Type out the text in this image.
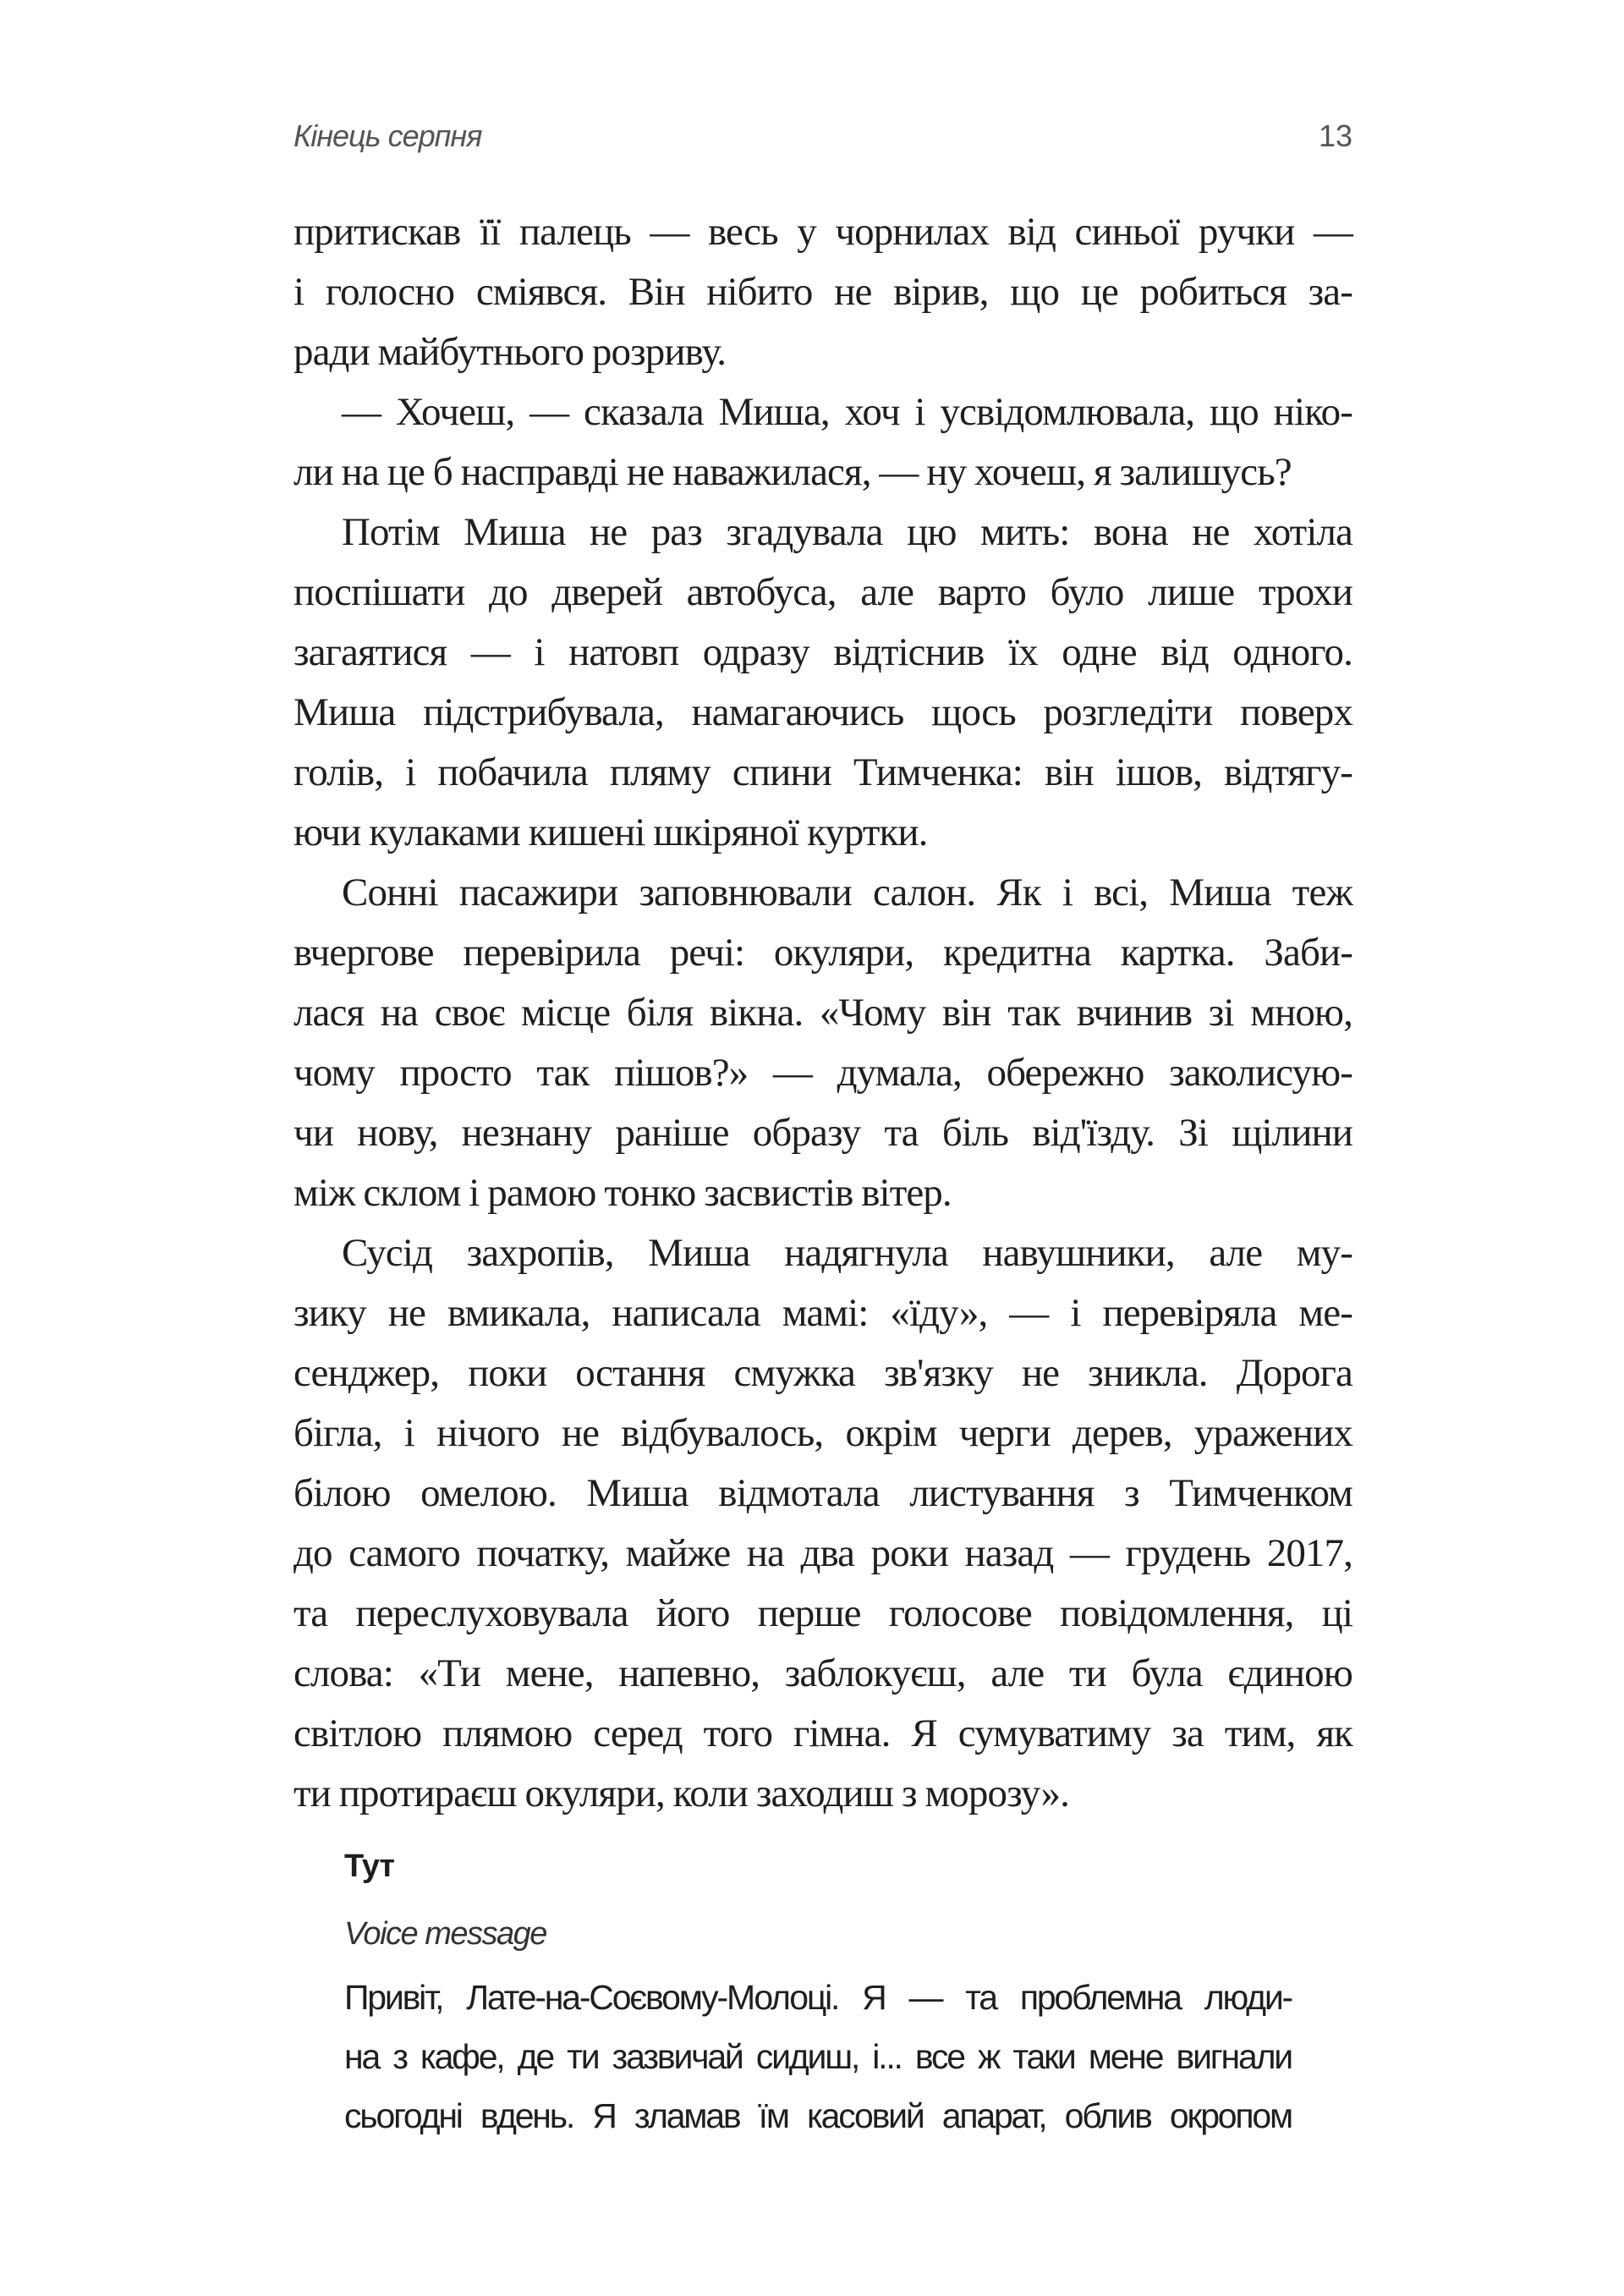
Кінець серпня	13
притискав її палець — весь у чорнилах від синьої ручки —
і голосно сміявся. Він нібито не вірив, що це робиться за-
ради майбутнього розриву.
— Хочеш, — сказала Миша, хоч і усвідомлювала, що ніко-
ли на це б насправді не наважилася, — ну хочеш, я залишусь?
Потім Миша не раз згадувала цю мить: вона не хотіла
поспішати до дверей автобуса, але варто було лише трохи
загаятися — і натовп одразу відтіснив їх одне від одного.
Миша підстрибувала, намагаючись щось розгледіти поверх
голів, і побачила пляму спини Тимченка: він ішов, відтягу-
ючи кулаками кишені шкіряної куртки.
Сонні пасажири заповнювали салон. Як і всі, Миша теж
вчергове перевірила речі: окуляри, кредитна картка. Заби-
лася на своє місце біля вікна. «Чому він так вчинив зі мною,
чому просто так пішов?» — думала, обережно заколисую-
чи нову, незнану раніше образу та біль від'їзду. Зі щілини
між склом і рамою тонко засвистів вітер.
Сусід захропів, Миша надягнула навушники, але му-
зику не вмикала, написала мамі: «їду», — і перевіряла ме-
сенджер, поки остання смужка зв'язку не зникла. Дорога
бігла, і нічого не відбувалось, окрім черги дерев, уражених
білою омелою. Миша відмотала листування з Тимченком
до самого початку, майже на два роки назад — грудень 2017,
та переслуховувала його перше голосове повідомлення, ці
слова: «Ти мене, напевно, заблокуєш, але ти була єдиною
світлою плямою серед того гімна. Я сумуватиму за тим, як
ти протираєш окуляри, коли заходиш з морозу».
Тут
Voice message
Привіт, Лате-на-Соєвому-Молоці. Я — та проблемна люди-
на з кафе, де ти зазвичай сидиш, і... все ж таки мене вигнали
сьогодні вдень. Я зламав їм касовий апарат, облив окропом
